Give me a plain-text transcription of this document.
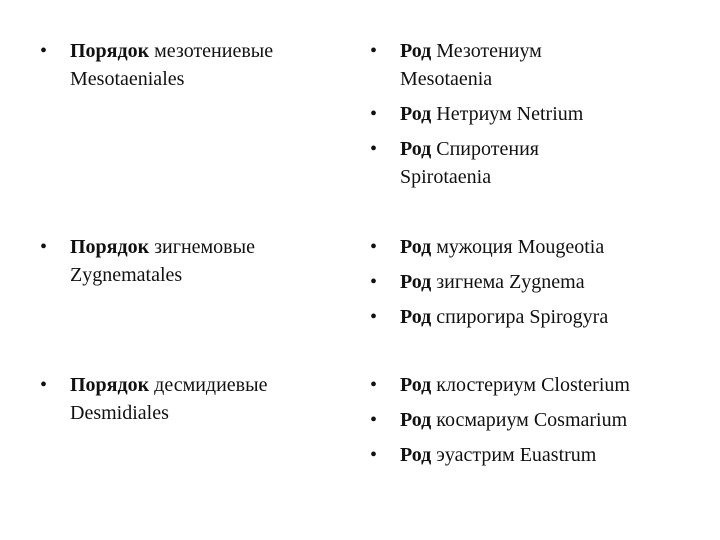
•	Порядок мезотениевые
Mesotaeniales
•	Род Мезотениум
Mesotaenia
•	Род Нетриум Netrium
•	Род Спиротения
Spirotaenia
•	Порядок зигнемовые
Zygnematales
•	Род мужоция Mougeotia
•	Род зигнема Zygnema
•	Род спирогира Spirogyra
•	Порядок десмидиевые
Desmidiales
•	Род клостериум Closterium
•	Род космариум Cosmarium
•	Род эуастрим Euastrum
